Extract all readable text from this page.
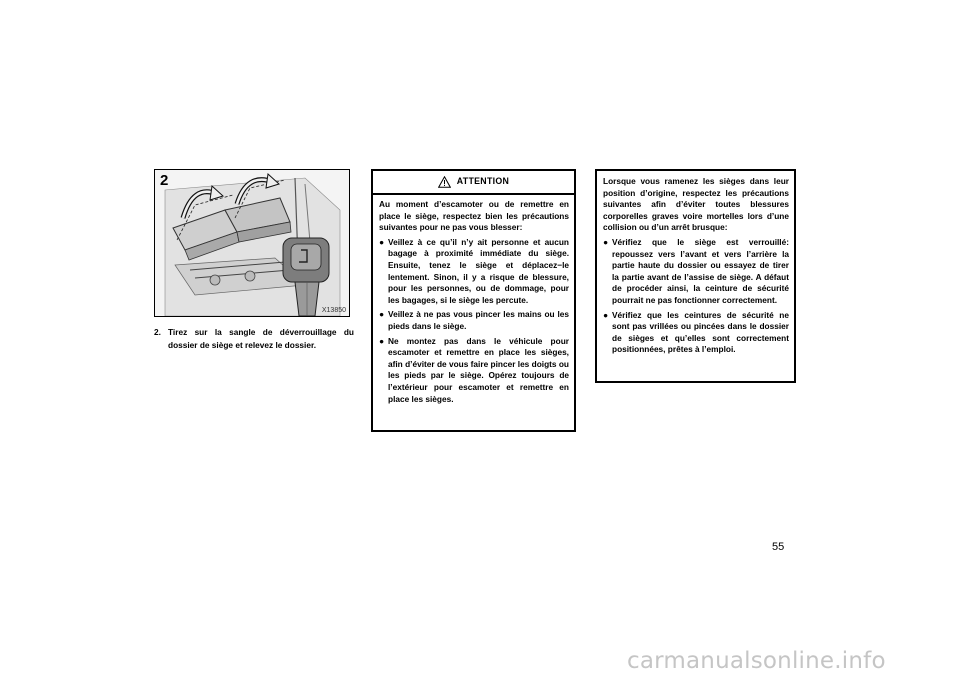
2
X13850
2. Tirez sur la sangle de déverrouillage du dossier de siège et relevez le dossier.
ATTENTION

Au moment d’escamoter ou de remettre en place le siège, respectez bien les précautions suivantes pour ne pas vous blesser:

● Veillez à ce qu’il n’y ait personne et aucun bagage à proximité immédiate du siège. Ensuite, tenez le siège et déplacez−le lentement. Sinon, il y a risque de blessure, pour les personnes, ou de dommage, pour les bagages, si le siège les percute.
● Veillez à ne pas vous pincer les mains ou les pieds dans le siège.
● Ne montez pas dans le véhicule pour escamoter et remettre en place les sièges, afin d’éviter de vous faire pincer les doigts ou les pieds par le siège. Opérez toujours de l’extérieur pour escamoter et remettre en place les sièges.

Lorsque vous ramenez les sièges dans leur position d’origine, respectez les précautions suivantes afin d’éviter toutes blessures corporelles graves voire mortelles lors d’une collision ou d’un arrêt brusque:

● Vérifiez que le siège est verrouillé: repoussez vers l’avant et vers l’arrière la partie haute du dossier ou essayez de tirer la partie avant de l’assise de siège. A défaut de procéder ainsi, la ceinture de sécurité pourrait ne pas fonctionner correctement.
● Vérifiez que les ceintures de sécurité ne sont pas vrillées ou pincées dans le dossier de sièges et qu’elles sont correctement positionnées, prêtes à l’emploi.
55
carmanualsonline.info
